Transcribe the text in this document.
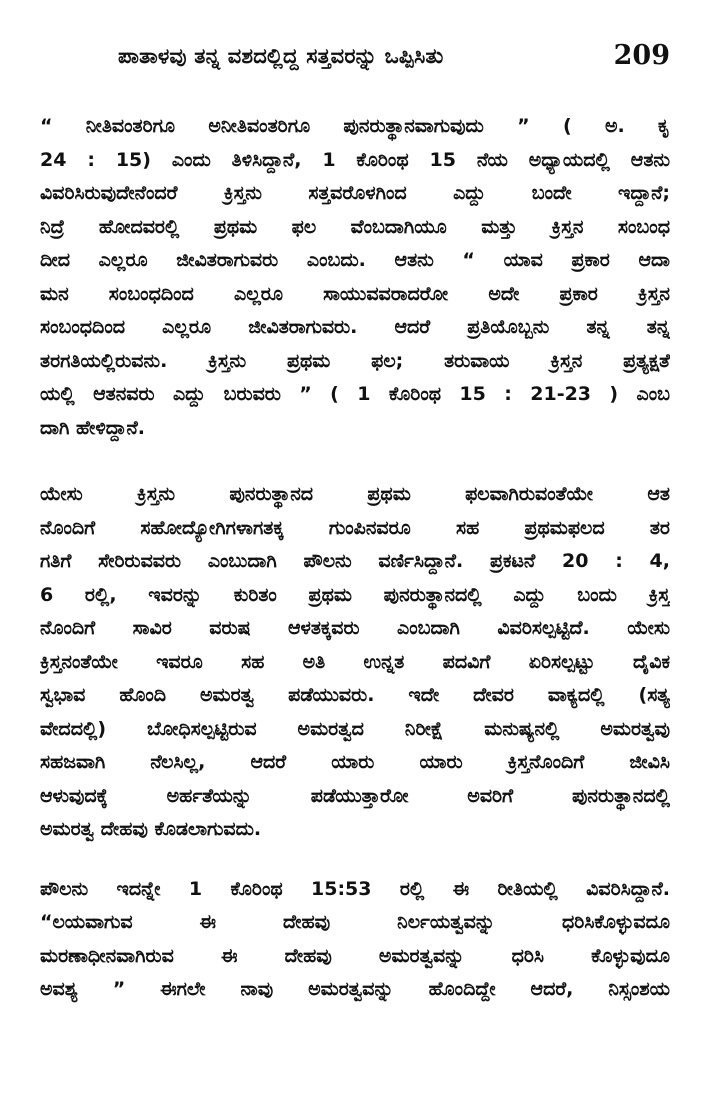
ಪಾತಾಳವು ತನ್ನ ವಶದಲ್ಲಿದ್ದ ಸತ್ತವರನ್ನು ಒಪ್ಪಿಸಿತು	209
“ ನೀತಿವಂತರಿಗೂ ಅನೀತಿವಂತರಿಗೂ ಪುನರುತ್ಥಾನವಾಗುವುದು ” ( ಅ. ಕೃ
24 : 15) ಎಂದು ತಿಳಿಸಿದ್ದಾನೆ, 1 ಕೊರಿಂಥ 15 ನೆಯ ಅಧ್ಯಾಯದಲ್ಲಿ ಆತನು
ವಿವರಿಸಿರುವುದೇನೆಂದರೆ ಕ್ರಿಸ್ತನು ಸತ್ತವರೊಳಗಿಂದ ಎದ್ದು ಬಂದೇ ಇದ್ದಾನೆ;
ನಿದ್ರೆ ಹೋದವರಲ್ಲಿ ಪ್ರಥಮ ಫಲ ವೆಂಬದಾಗಿಯೂ ಮತ್ತು ಕ್ರಿಸ್ತನ ಸಂಬಂಧ
ದೀದ ಎಲ್ಲರೂ ಜೀವಿತರಾಗುವರು ಎಂಬದು. ಆತನು “ ಯಾವ ಪ್ರಕಾರ ಆದಾ
ಮನ ಸಂಬಂಧದಿಂದ ಎಲ್ಲರೂ ಸಾಯುವವರಾದರೋ ಅದೇ ಪ್ರಕಾರ ಕ್ರಿಸ್ತನ
ಸಂಬಂಧದಿಂದ ಎಲ್ಲರೂ ಜೀವಿತರಾಗುವರು. ಆದರೆ ಪ್ರತಿಯೊಬ್ಬನು ತನ್ನ ತನ್ನ
ತರಗತಿಯಲ್ಲಿರುವನು. ಕ್ರಿಸ್ತನು ಪ್ರಥಮ ಫಲ; ತರುವಾಯ ಕ್ರಿಸ್ತನ ಪ್ರತ್ಯಕ್ಷತೆ
ಯಲ್ಲಿ ಆತನವರು ಎದ್ದು ಬರುವರು ” ( 1 ಕೊರಿಂಥ 15 : 21-23 ) ಎಂಬ
ದಾಗಿ ಹೇಳಿದ್ದಾನೆ.
ಯೇಸು ಕ್ರಿಸ್ತನು ಪುನರುತ್ಥಾನದ ಪ್ರಥಮ ಫಲವಾಗಿರುವಂತೆಯೇ ಆತ
ನೊಂದಿಗೆ ಸಹೋದ್ಯೋಗಿಗಳಾಗತಕ್ಕ ಗುಂಪಿನವರೂ ಸಹ ಪ್ರಥಮಫಲದ ತರ
ಗತಿಗೆ ಸೇರಿರುವವರು ಎಂಬುದಾಗಿ ಪೌಲನು ವರ್ಣಿಸಿದ್ದಾನೆ. ಪ್ರಕಟನೆ 20 : 4,
6 ರಲ್ಲಿ, ಇವರನ್ನು ಕುರಿತಂ ಪ್ರಥಮ ಪುನರುತ್ಥಾನದಲ್ಲಿ ಎದ್ದು ಬಂದು ಕ್ರಿಸ್ತ
ನೊಂದಿಗೆ ಸಾವಿರ ವರುಷ ಆಳತಕ್ಕವರು ಎಂಬದಾಗಿ ವಿವರಿಸಲ್ಪಟ್ಟಿದೆ. ಯೇಸು
ಕ್ರಿಸ್ತನಂತೆಯೇ ಇವರೂ ಸಹ ಅತಿ ಉನ್ನತ ಪದವಿಗೆ ಏರಿಸಲ್ಪಟ್ಟು ದೈವಿಕ
ಸ್ವಭಾವ ಹೊಂದಿ ಅಮರತ್ವ ಪಡೆಯುವರು. ಇದೇ ದೇವರ ವಾಕ್ಯದಲ್ಲಿ (ಸತ್ಯ
ವೇದದಲ್ಲಿ) ಬೋಧಿಸಲ್ಪಟ್ಟಿರುವ ಅಮರತ್ವದ ನಿರೀಕ್ಷೆ ಮನುಷ್ಯನಲ್ಲಿ ಅಮರತ್ವವು
ಸಹಜವಾಗಿ ನೆಲಸಿಲ್ಲ, ಆದರೆ ಯಾರು ಯಾರು ಕ್ರಿಸ್ತನೊಂದಿಗೆ ಜೀವಿಸಿ
ಆಳುವುದಕ್ಕೆ ಅರ್ಹತೆಯನ್ನು ಪಡೆಯುತ್ತಾರೋ ಅವರಿಗೆ ಪುನರುತ್ಥಾನದಲ್ಲಿ
ಅಮರತ್ವ ದೇಹವು ಕೊಡಲಾಗುವದು.
ಪೌಲನು ಇದನ್ನೇ 1 ಕೊರಿಂಥ 15:53 ರಲ್ಲಿ ಈ ರೀತಿಯಲ್ಲಿ ವಿವರಿಸಿದ್ದಾನೆ.
“ಲಯವಾಗುವ ಈ ದೇಹವು ನಿರ್ಲಯತ್ವವನ್ನು ಧರಿಸಿಕೊಳ್ಳುವದೂ
ಮರಣಾಧೀನವಾಗಿರುವ ಈ ದೇಹವು ಅಮರತ್ವವನ್ನು ಧರಿಸಿ ಕೊಳ್ಳುವುದೂ
ಅವಶ್ಯ ” ಈಗಲೇ ನಾವು ಅಮರತ್ವವನ್ನು ಹೊಂದಿದ್ದೇ ಆದರೆ, ನಿಸ್ಸಂಶಯ
